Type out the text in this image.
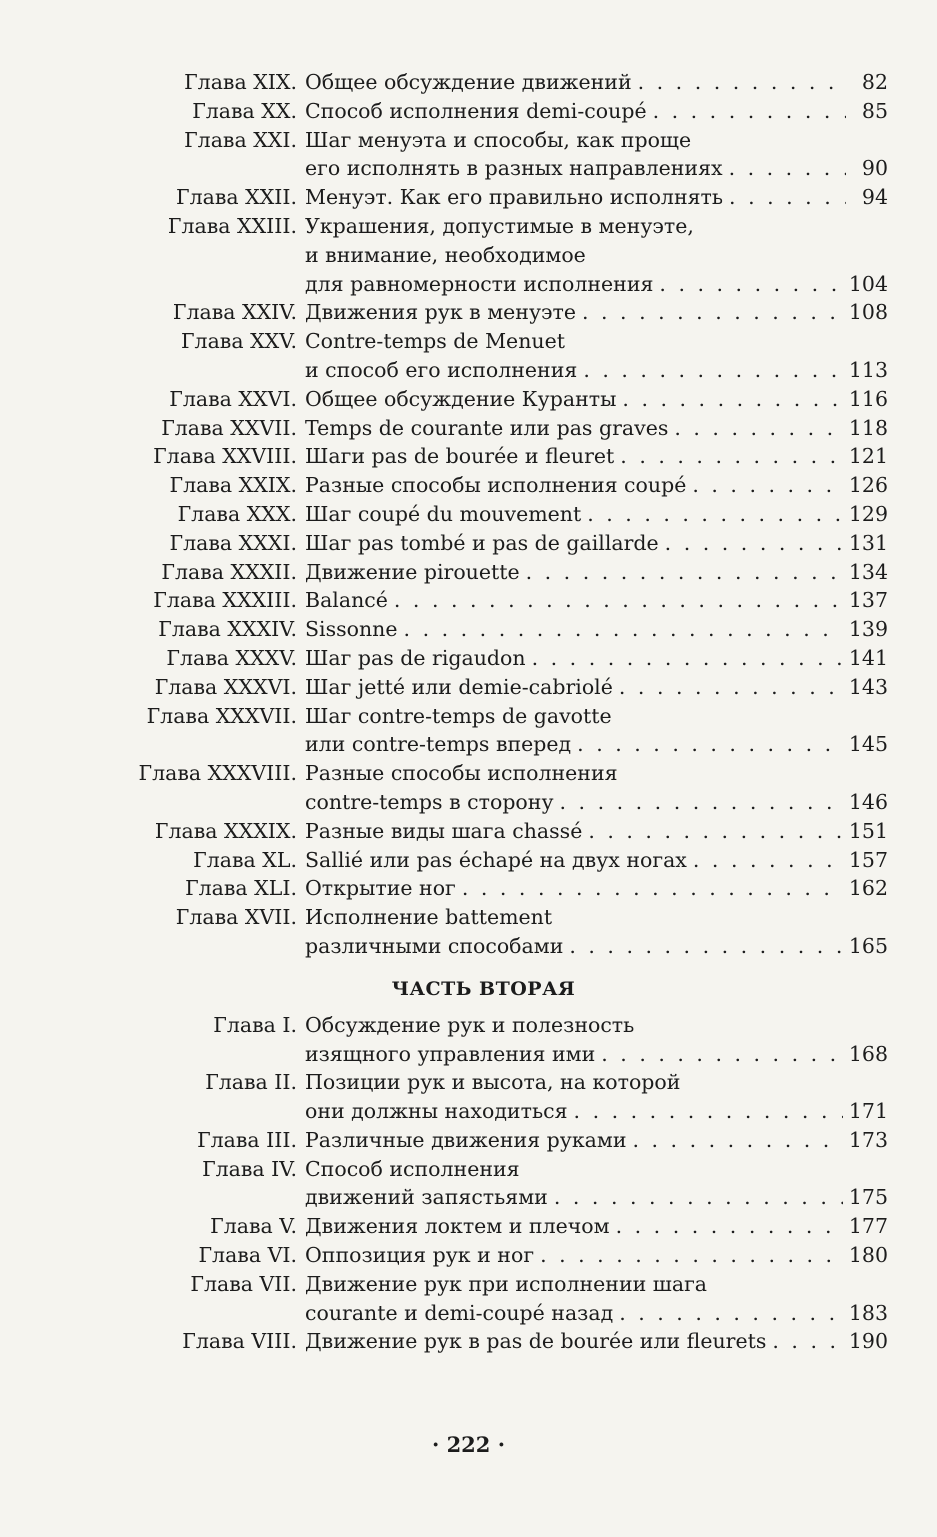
Глава XIX. Общее обсуждение движений . . .	82
Глава XX. Способ исполнения demi-coupé . . .	85
Глава XXI. Шаг менуэта и способы, как проще
его исполнять в разных направлениях . . .	90
Глава XXII. Менуэт. Как его правильно исполнять . . .	94
Глава XXIII. Украшения, допустимые в менуэте,
и внимание, необходимое
для равномерности исполнения . . .	104
Глава XXIV. Движения рук в менуэте . . .	108
Глава XXV. Contre-temps de Menuet
и способ его исполнения . . .	113
Глава XXVI. Общее обсуждение Куранты . . .	116
Глава XXVII. Temps de courante или pas graves . . .	118
Глава XXVIII. Шаги pas de bourée и fleuret . . .	121
Глава XXIX. Разные способы исполнения coupé . . .	126
Глава XXX. Шаг coupé du mouvement . . .	129
Глава XXXI. Шаг pas tombé и pas de gaillarde . . .	131
Глава XXXII. Движение pirouette . . .	134
Глава XXXIII. Balancé . . .	137
Глава XXXIV. Sissonne . . .	139
Глава XXXV. Шаг pas de rigaudon . . .	141
Глава XXXVI. Шаг jetté или demie-cabriolé . . .	143
Глава XXXVII. Шаг contre-temps de gavotte
или contre-temps вперед . . .	145
Глава XXXVIII. Разные способы исполнения
contre-temps в сторону . . .	146
Глава XXXIX. Разные виды шага chassé . . .	151
Глава XL. Sallié или pas échapé на двух ногах . . .	157
Глава XLI. Открытие ног . . .	162
Глава XVII. Исполнение battement
различными способами . . .	165
ЧАСТЬ ВТОРАЯ
Глава I. Обсуждение рук и полезность
изящного управления ими . . .	168
Глава II. Позиции рук и высота, на которой
они должны находиться . . .	171
Глава III. Различные движения руками . . .	173
Глава IV. Способ исполнения
движений запястьями . . .	175
Глава V. Движения локтем и плечом . . .	177
Глава VI. Оппозиция рук и ног . . .	180
Глава VII. Движение рук при исполнении шага
courante и demi-coupé назад . . .	183
Глава VIII. Движение рук в pas de bourée или fleurets . . .	190
· 222 ·
